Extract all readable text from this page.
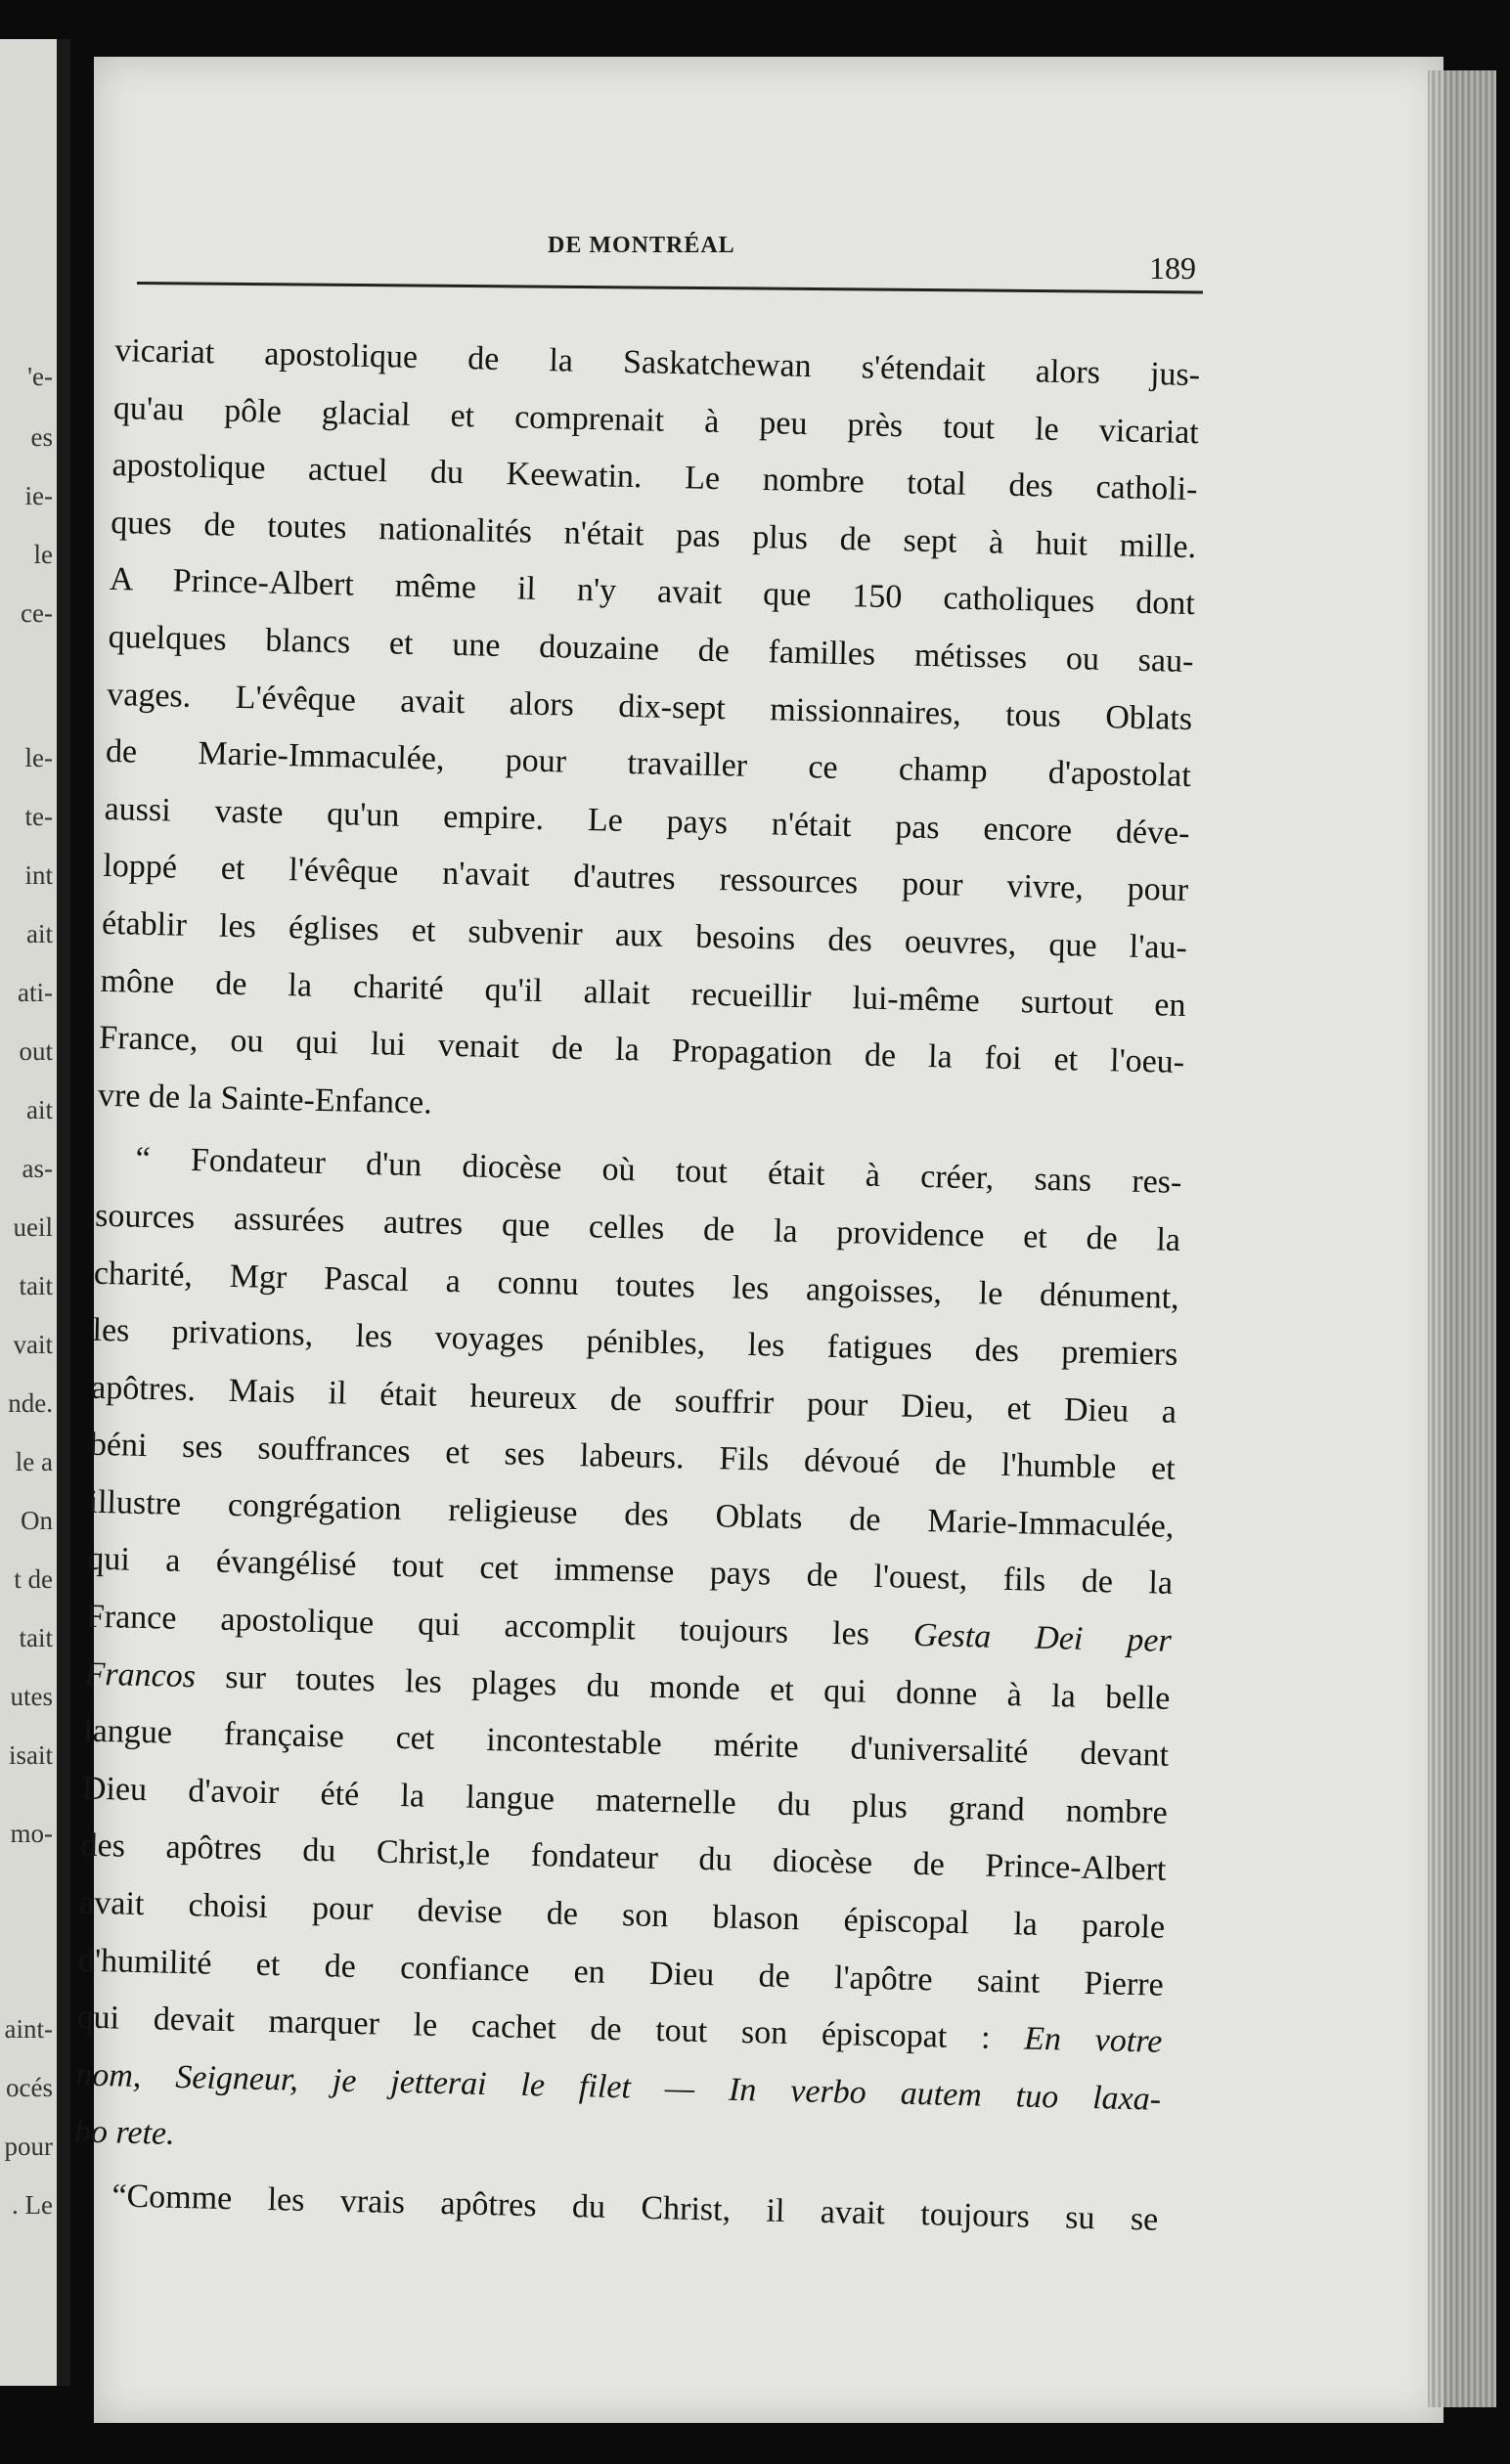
'e-
es
ie-
le
ce-
le-
te-
int
ait
ati-
out
ait
as-
ueil
tait
vait
nde.
le a
On
t de
tait
utes
isait
mo-
aint-
océs
pour
. Le
DE MONTRÉAL
189
vicariat apostolique de la Saskatchewan s'étendait alors jus-
qu'au pôle glacial et comprenait à peu près tout le vicariat
apostolique actuel du Keewatin. Le nombre total des catholi-
ques de toutes nationalités n'était pas plus de sept à huit mille.
A Prince-Albert même il n'y avait que 150 catholiques dont
quelques blancs et une douzaine de familles métisses ou sau-
vages. L'évêque avait alors dix-sept missionnaires, tous Oblats
de Marie-Immaculée, pour travailler ce champ d'apostolat
aussi vaste qu'un empire. Le pays n'était pas encore déve-
loppé et l'évêque n'avait d'autres ressources pour vivre, pour
établir les églises et subvenir aux besoins des oeuvres, que l'au-
mône de la charité qu'il allait recueillir lui-même surtout en
France, ou qui lui venait de la Propagation de la foi et l'oeu-
vre de la Sainte-Enfance.
“ Fondateur d'un diocèse où tout était à créer, sans res-
sources assurées autres que celles de la providence et de la
charité, Mgr Pascal a connu toutes les angoisses, le dénument,
les privations, les voyages pénibles, les fatigues des premiers
apôtres. Mais il était heureux de souffrir pour Dieu, et Dieu a
béni ses souffrances et ses labeurs. Fils dévoué de l'humble et
illustre congrégation religieuse des Oblats de Marie-Immaculée,
qui a évangélisé tout cet immense pays de l'ouest, fils de la
France apostolique qui accomplit toujours les Gesta Dei per
Francos sur toutes les plages du monde et qui donne à la belle
langue française cet incontestable mérite d'universalité devant
Dieu d'avoir été la langue maternelle du plus grand nombre
des apôtres du Christ,le fondateur du diocèse de Prince-Albert
avait choisi pour devise de son blason épiscopal la parole
d'humilité et de confiance en Dieu de l'apôtre saint Pierre
qui devait marquer le cachet de tout son épiscopat : En votre
nom, Seigneur, je jetterai le filet — In verbo autem tuo laxa-
bo rete.
“Comme les vrais apôtres du Christ, il avait toujours su se
